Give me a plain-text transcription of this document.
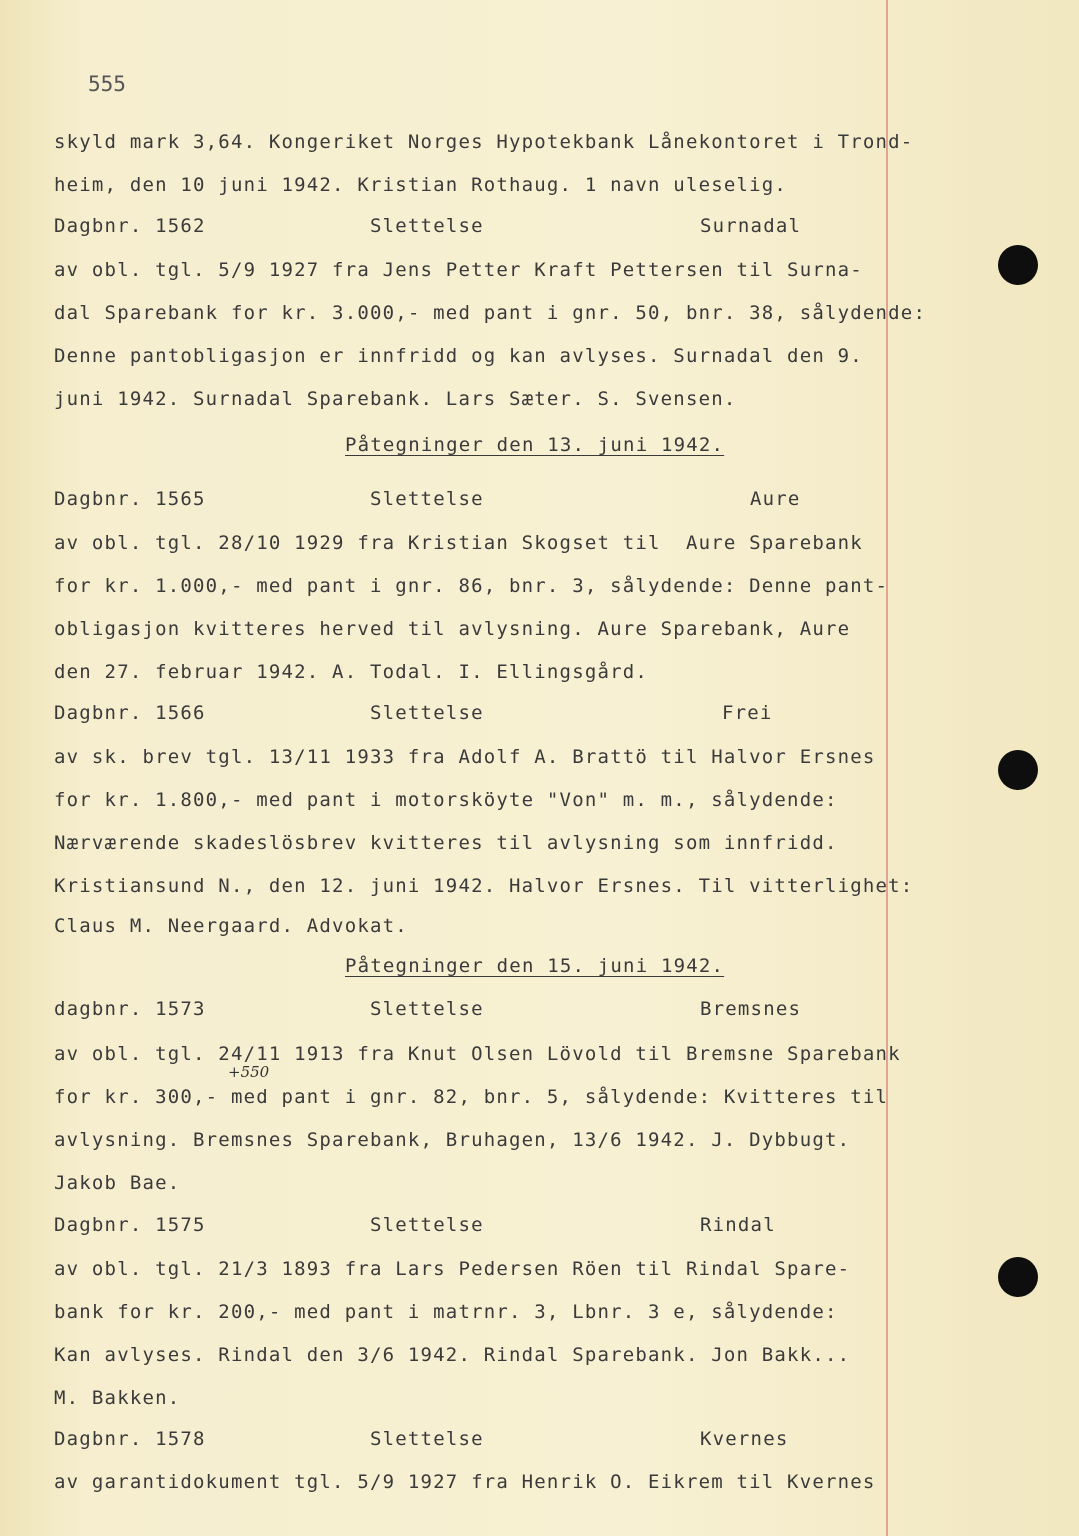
555
skyld mark 3,64. Kongeriket Norges Hypotekbank Lånekontoret i Trond-
heim, den 10 juni 1942. Kristian Rothaug. 1 navn uleselig.
Dagbnr. 1562	Slettelse	Surnadal
av obl. tgl. 5/9 1927 fra Jens Petter Kraft Pettersen til Surna-
dal Sparebank for kr. 3.000,- med pant i gnr. 50, bnr. 38, sålydende:
Denne pantobligasjon er innfridd og kan avlyses. Surnadal den 9.
juni 1942. Surnadal Sparebank. Lars Sæter. S. Svensen.
Påtegninger den 13. juni 1942.
Dagbnr. 1565	Slettelse	Aure
av obl. tgl. 28/10 1929 fra Kristian Skogset til  Aure Sparebank
for kr. 1.000,- med pant i gnr. 86, bnr. 3, sålydende: Denne pant-
obligasjon kvitteres herved til avlysning. Aure Sparebank, Aure
den 27. februar 1942. A. Todal. I. Ellingsgård.
Dagbnr. 1566	Slettelse	Frei
av sk. brev tgl. 13/11 1933 fra Adolf A. Brattö til Halvor Ersnes
for kr. 1.800,- med pant i motorsköyte "Von" m. m., sålydende:
Nærværende skadeslösbrev kvitteres til avlysning som innfridd.
Kristiansund N., den 12. juni 1942. Halvor Ersnes. Til vitterlighet:
Claus M. Neergaard. Advokat.
Påtegninger den 15. juni 1942.
dagbnr. 1573	Slettelse	Bremsnes
av obl. tgl. 24/11 1913 fra Knut Olsen Lövold til Bremsne Sparebank
for kr. 300,- med pant i gnr. 82, bnr. 5, sålydende: Kvitteres til
avlysning. Bremsnes Sparebank, Bruhagen, 13/6 1942. J. Dybbugt.
Jakob Bae.
Dagbnr. 1575	Slettelse	Rindal
av obl. tgl. 21/3 1893 fra Lars Pedersen Röen til Rindal Spare-
bank for kr. 200,- med pant i matrnr. 3, Lbnr. 3 e, sålydende:
Kan avlyses. Rindal den 3/6 1942. Rindal Sparebank. Jon Bakk...
M. Bakken.
Dagbnr. 1578	Slettelse	Kvernes
av garantidokument tgl. 5/9 1927 fra Henrik O. Eikrem til Kvernes
+550
